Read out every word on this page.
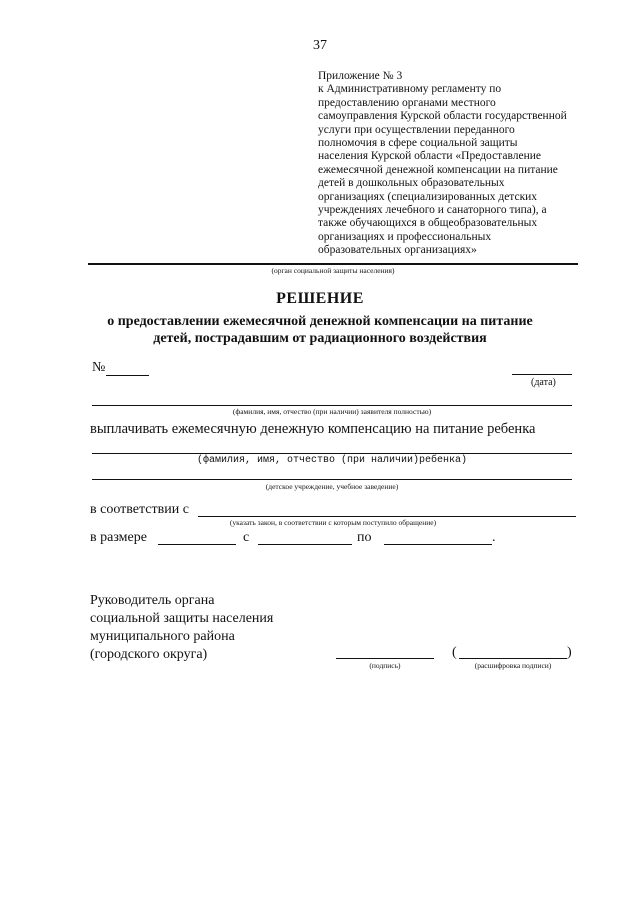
37
Приложение № 3
к Административному регламенту по
предоставлению органами местного
самоуправления Курской области государственной
услуги при осуществлении переданного
полномочия в сфере социальной защиты
населения Курской области «Предоставление
ежемесячной денежной компенсации на питание
детей в дошкольных образовательных
организациях (специализированных детских
учреждениях лечебного и санаторного типа), а
также обучающихся в общеобразовательных
организациях и профессиональных
образовательных организациях»
(орган социальной защиты населения)
РЕШЕНИЕ
о предоставлении ежемесячной денежной компенсации на питание
детей, пострадавшим от радиационного воздействия
№
(дата)
(фамилия, имя, отчество (при наличии) заявителя полностью)
выплачивать ежемесячную денежную компенсацию на питание ребенка
(фамилия, имя, отчество (при наличии)ребенка)
(детское учреждение, учебное заведение)
в соответствии с
(указать закон, в соответствии с которым поступило обращение)
в размере	с	по	.
Руководитель органа
социальной защиты населения
муниципального района
(городского округа)
(подпись)
(	)
(расшифровка подписи)
